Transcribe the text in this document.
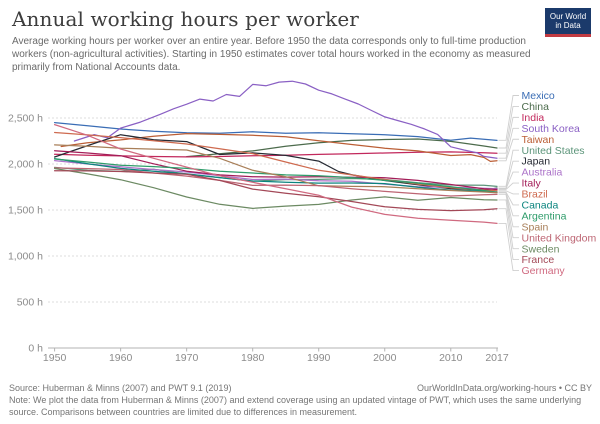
0 h
500 h
1,000 h
1,500 h
2,000 h
2,500 h
1950	1960	1970	1980	1990	2000	2010 2017
Mexico
China
India
South Korea
Taiwan
United States
Japan
Australia
Italy
Brazil
Canada
Argentina
Spain
United Kingdom
Sweden
France
Germany
Annual working hours per worker
Average working hours per worker over an entire year. Before 1950 the data corresponds only to full-time production workers (non-agricultural activities). Starting in 1950 estimates cover total hours worked in the economy as measured primarily from National Accounts data.
Our World
in Data
Source: Huberman & Minns (2007) and PWT 9.1 (2019)	OurWorldInData.org/working-hours • CC BY
Note: We plot the data from Huberman & Minns (2007) and extend coverage using an updated vintage of PWT, which uses the same underlying source. Comparisons between countries are limited due to differences in measurement.
